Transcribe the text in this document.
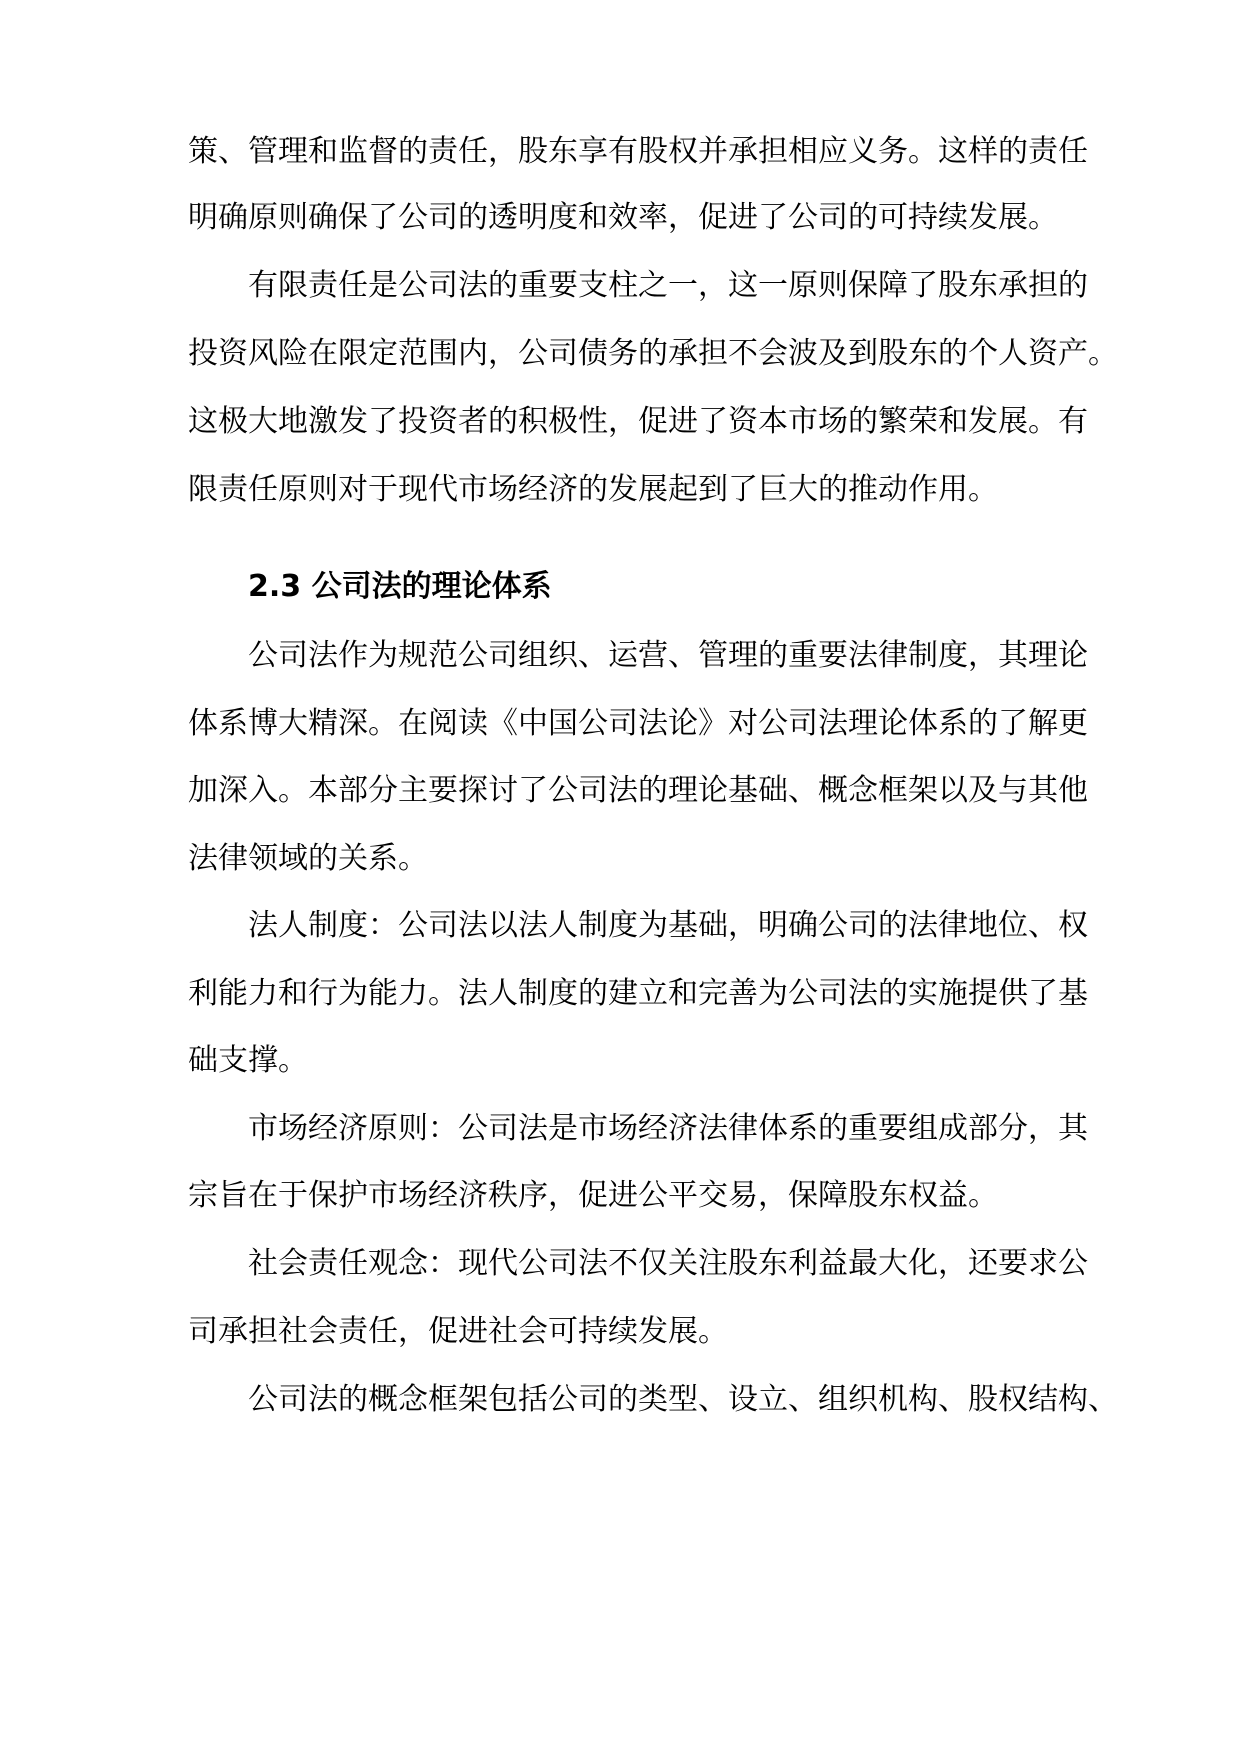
策、管理和监督的责任，股东享有股权并承担相应义务。这样的责任
明确原则确保了公司的透明度和效率，促进了公司的可持续发展。
有限责任是公司法的重要支柱之一，这一原则保障了股东承担的
投资风险在限定范围内，公司债务的承担不会波及到股东的个人资产。
这极大地激发了投资者的积极性，促进了资本市场的繁荣和发展。有
限责任原则对于现代市场经济的发展起到了巨大的推动作用。
2.3 公司法的理论体系
公司法作为规范公司组织、运营、管理的重要法律制度，其理论
体系博大精深。在阅读《中国公司法论》对公司法理论体系的了解更
加深入。本部分主要探讨了公司法的理论基础、概念框架以及与其他
法律领域的关系。
法人制度：公司法以法人制度为基础，明确公司的法律地位、权
利能力和行为能力。法人制度的建立和完善为公司法的实施提供了基
础支撑。
市场经济原则：公司法是市场经济法律体系的重要组成部分，其
宗旨在于保护市场经济秩序，促进公平交易，保障股东权益。
社会责任观念：现代公司法不仅关注股东利益最大化，还要求公
司承担社会责任，促进社会可持续发展。
公司法的概念框架包括公司的类型、设立、组织机构、股权结构、
